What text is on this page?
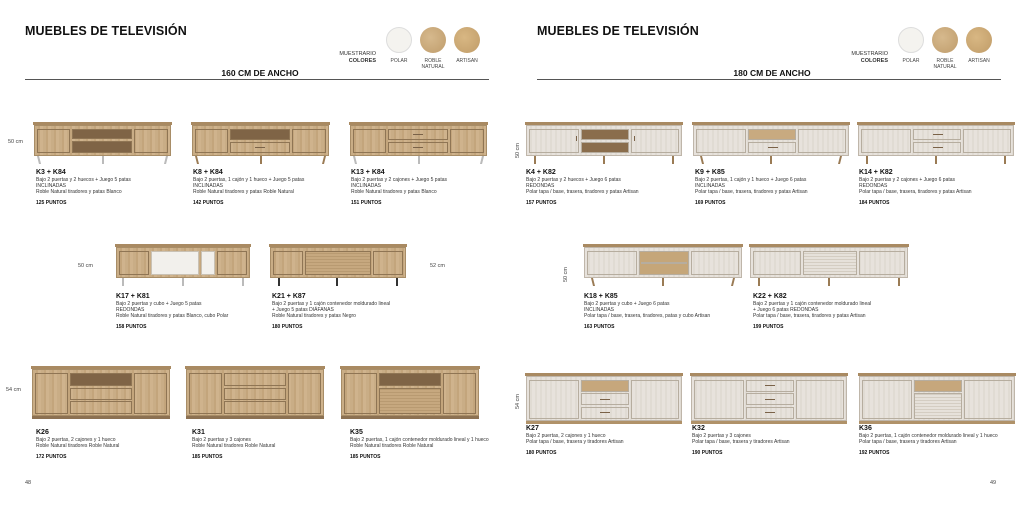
MUEBLES DE TELEVISIÓN
MUESTRARIO
COLORES	POLAR	ROBLE
NATURAL
ARTISAN
160 CM DE ANCHO
50 cm
K3 + K84
Bajo 2 puertas y 2 huecos + Juego 5 patas
INCLINADAS
Roble Natural tiradores y patas Blanco
125 PUNTOS
K8 + K84
Bajo 2 puertas, 1 cajón y 1 hueco + Juego 5 patas
INCLINADAS
Roble Natural tiradores y patas Roble Natural
142 PUNTOS
K13 + K84
Bajo 2 puertas y 2 cajones + Juego 5 patas
INCLINADAS
Roble Natural tiradores y patas Blanco
151 PUNTOS
50 cm
K17 + K81
Bajo 2 puertas y cubo + Juego 5 patas
REDONDAS
Roble Natural tiradores y patas Blanco, cubo Polar
158 PUNTOS
52 cm
K21 + K87
Bajo 2 puertas y 1 cajón contenedor moldurado lineal
+ Juego 5 patas DIÁFANAS
Roble Natural tiradores y patas Negro
180 PUNTOS
54 cm
K26
Bajo 2 puertas, 2 cajones y 1 hueco
Roble Natural tiradores Roble Natural
172 PUNTOS
K31
Bajo 2 puertas y 3 cajones
Roble Natural tiradores Roble Natural
185 PUNTOS
K35
Bajo 2 puertas, 1 cajón contenedor moldurado lineal y 1 hueco
Roble Natural tiradores Roble Natural
185 PUNTOS
48
MUEBLES DE TELEVISIÓN
MUESTRARIO
COLORES	POLAR	ROBLE
NATURAL
ARTISAN
180 CM DE ANCHO
50 cm
K4 + K82
Bajo 2 puertas y 2 huecos + Juego 6 patas
REDONDAS
Polar tapa / base, trasera, tiradores y patas Artisan
157 PUNTOS
K9 + K85
Bajo 2 puertas, 1 cajón y 1 hueco + Juego 6 patas
INCLINADAS
Polar tapa / base, trasera, tiradores y patas Artisan
169 PUNTOS
K14 + K82
Bajo 2 puertas y 2 cajones + Juego 6 patas
REDONDAS
Polar tapa / base, trasera, tiradores y patas Artisan
184 PUNTOS
50 cm
K18 + K85
Bajo 2 puertas y cubo + Juego 6 patas
INCLINADAS
Polar tapa / base, trasera, tiradores, patas y cubo Artisan
163 PUNTOS
K22 + K82
Bajo 2 puertas y 1 cajón contenedor moldurado lineal
+ Juego 6 patas REDONDAS
Polar tapa / base, trasera, tiradores y patas Artisan
199 PUNTOS
54 cm
K27
Bajo 2 puertas, 2 cajones y 1 hueco
Polar tapa / base, trasera y tiradores Artisan
180 PUNTOS
K32
Bajo 2 puertas y 3 cajones
Polar tapa / base, trasera y tiradores Artisan
190 PUNTOS
K36
Bajo 2 puertas, 1 cajón contenedor moldurado lineal y 1 hueco
Polar tapa / base, trasera y tiradores Artisan
192 PUNTOS
49
